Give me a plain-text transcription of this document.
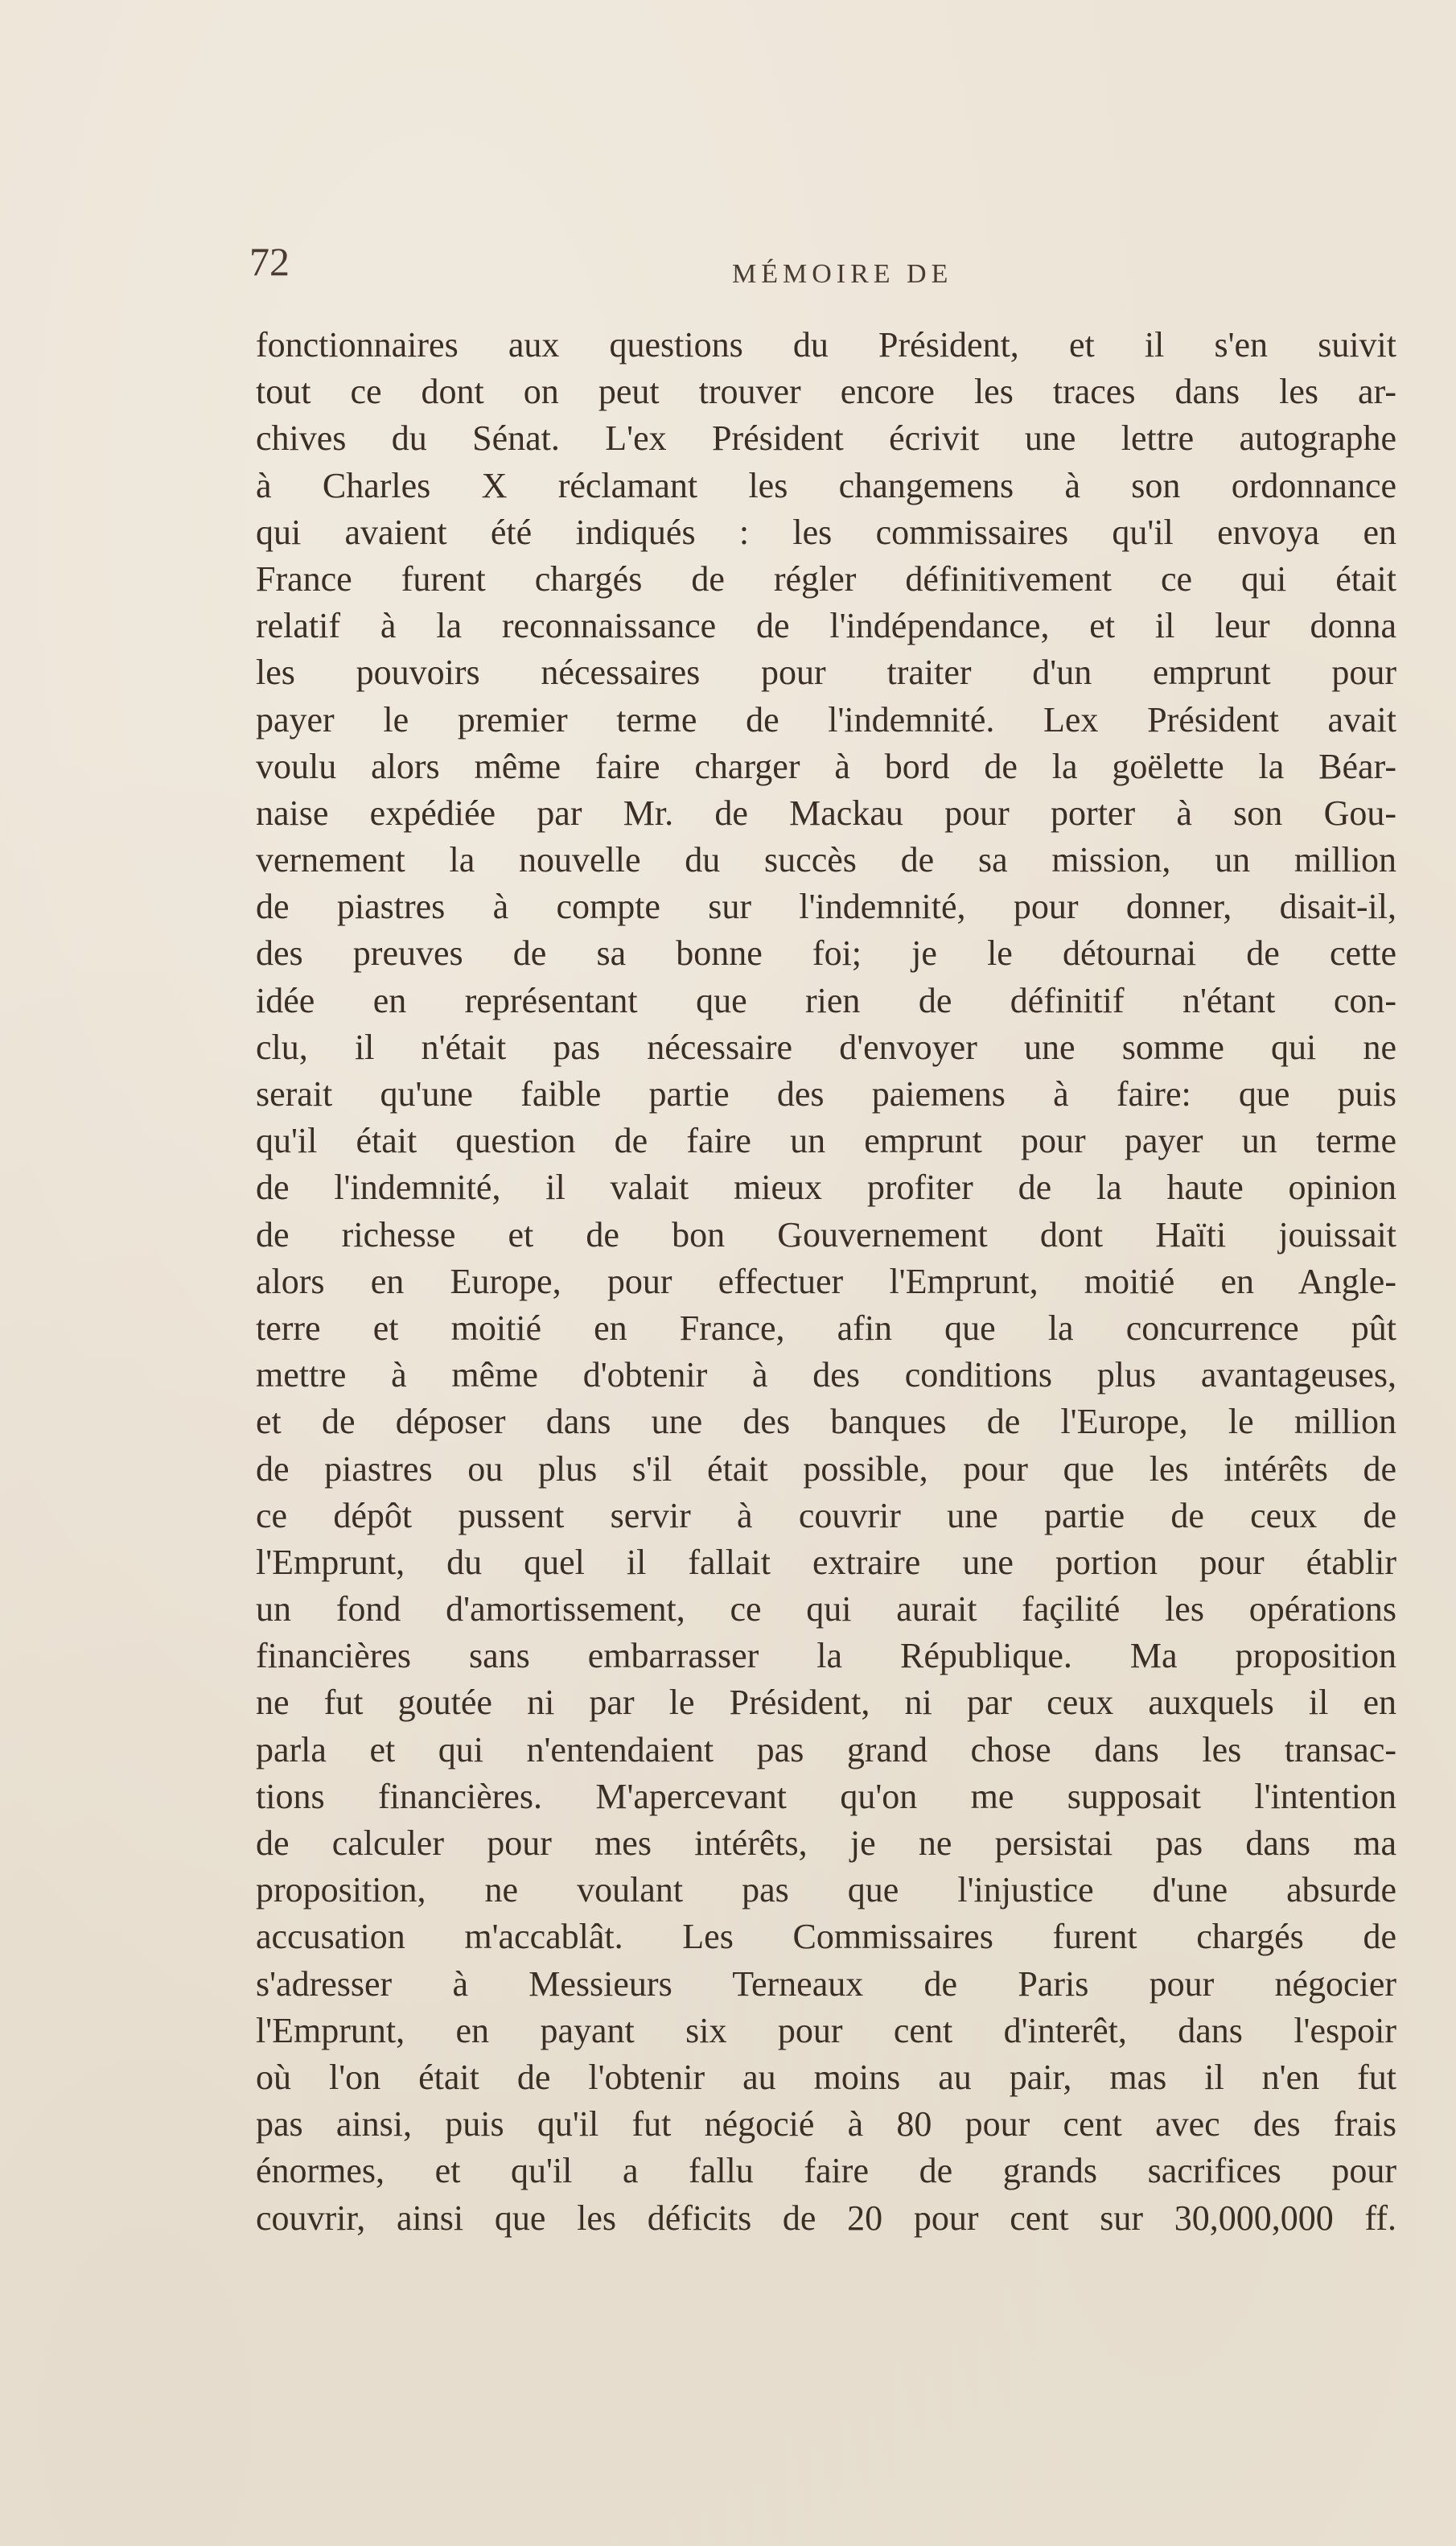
72	MÉMOIRE DE
fonctionnaires aux questions du Président, et il s'en suivit
tout ce dont on peut trouver encore les traces dans les ar-
chives du Sénat. L'ex Président écrivit une lettre autographe
à Charles X réclamant les changemens à son ordonnance
qui avaient été indiqués : les commissaires qu'il envoya en
France furent chargés de régler définitivement ce qui était
relatif à la reconnaissance de l'indépendance, et il leur donna
les pouvoirs nécessaires pour traiter d'un emprunt pour
payer le premier terme de l'indemnité. Lex Président avait
voulu alors même faire charger à bord de la goëlette la Béar-
naise expédiée par Mr. de Mackau pour porter à son Gou-
vernement la nouvelle du succès de sa mission, un million
de piastres à compte sur l'indemnité, pour donner, disait-il,
des preuves de sa bonne foi; je le détournai de cette
idée en représentant que rien de définitif n'étant con-
clu, il n'était pas nécessaire d'envoyer une somme qui ne
serait qu'une faible partie des paiemens à faire: que puis
qu'il était question de faire un emprunt pour payer un terme
de l'indemnité, il valait mieux profiter de la haute opinion
de richesse et de bon Gouvernement dont Haïti jouissait
alors en Europe, pour effectuer l'Emprunt, moitié en Angle-
terre et moitié en France, afin que la concurrence pût
mettre à même d'obtenir à des conditions plus avantageuses,
et de déposer dans une des banques de l'Europe, le million
de piastres ou plus s'il était possible, pour que les intérêts de
ce dépôt pussent servir à couvrir une partie de ceux de
l'Emprunt, du quel il fallait extraire une portion pour établir
un fond d'amortissement, ce qui aurait façilité les opérations
financières sans embarrasser la République. Ma proposition
ne fut goutée ni par le Président, ni par ceux auxquels il en
parla et qui n'entendaient pas grand chose dans les transac-
tions financières. M'apercevant qu'on me supposait l'intention
de calculer pour mes intérêts, je ne persistai pas dans ma
proposition, ne voulant pas que l'injustice d'une absurde
accusation m'accablât. Les Commissaires furent chargés de
s'adresser à Messieurs Terneaux de Paris pour négocier
l'Emprunt, en payant six pour cent d'interêt, dans l'espoir
où l'on était de l'obtenir au moins au pair, mas il n'en fut
pas ainsi, puis qu'il fut négocié à 80 pour cent avec des frais
énormes, et qu'il a fallu faire de grands sacrifices pour
couvrir, ainsi que les déficits de 20 pour cent sur 30,000,000 ff.
